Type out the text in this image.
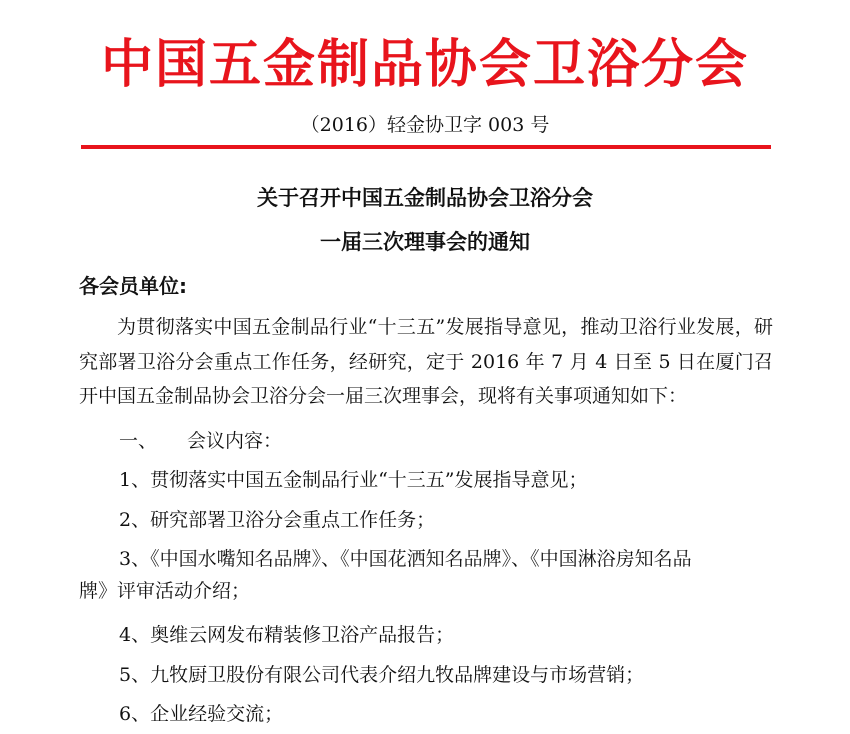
中国五金制品协会卫浴分会
（2016）轻金协卫字 003 号
关于召开中国五金制品协会卫浴分会
一届三次理事会的通知
各会员单位:
为贯彻落实中国五金制品行业“十三五”发展指导意见，推动卫浴行业发展，研究部署卫浴分会重点工作任务，经研究，定于 2016 年 7 月 4 日至 5 日在厦门召开中国五金制品协会卫浴分会一届三次理事会，现将有关事项通知如下：
一、 会议内容：
1、贯彻落实中国五金制品行业“十三五”发展指导意见；
2、研究部署卫浴分会重点工作任务；
3、《中国水嘴知名品牌》、《中国花洒知名品牌》、《中国淋浴房知名品
牌》评审活动介绍；
4、奥维云网发布精装修卫浴产品报告；
5、九牧厨卫股份有限公司代表介绍九牧品牌建设与市场营销；
6、企业经验交流；
